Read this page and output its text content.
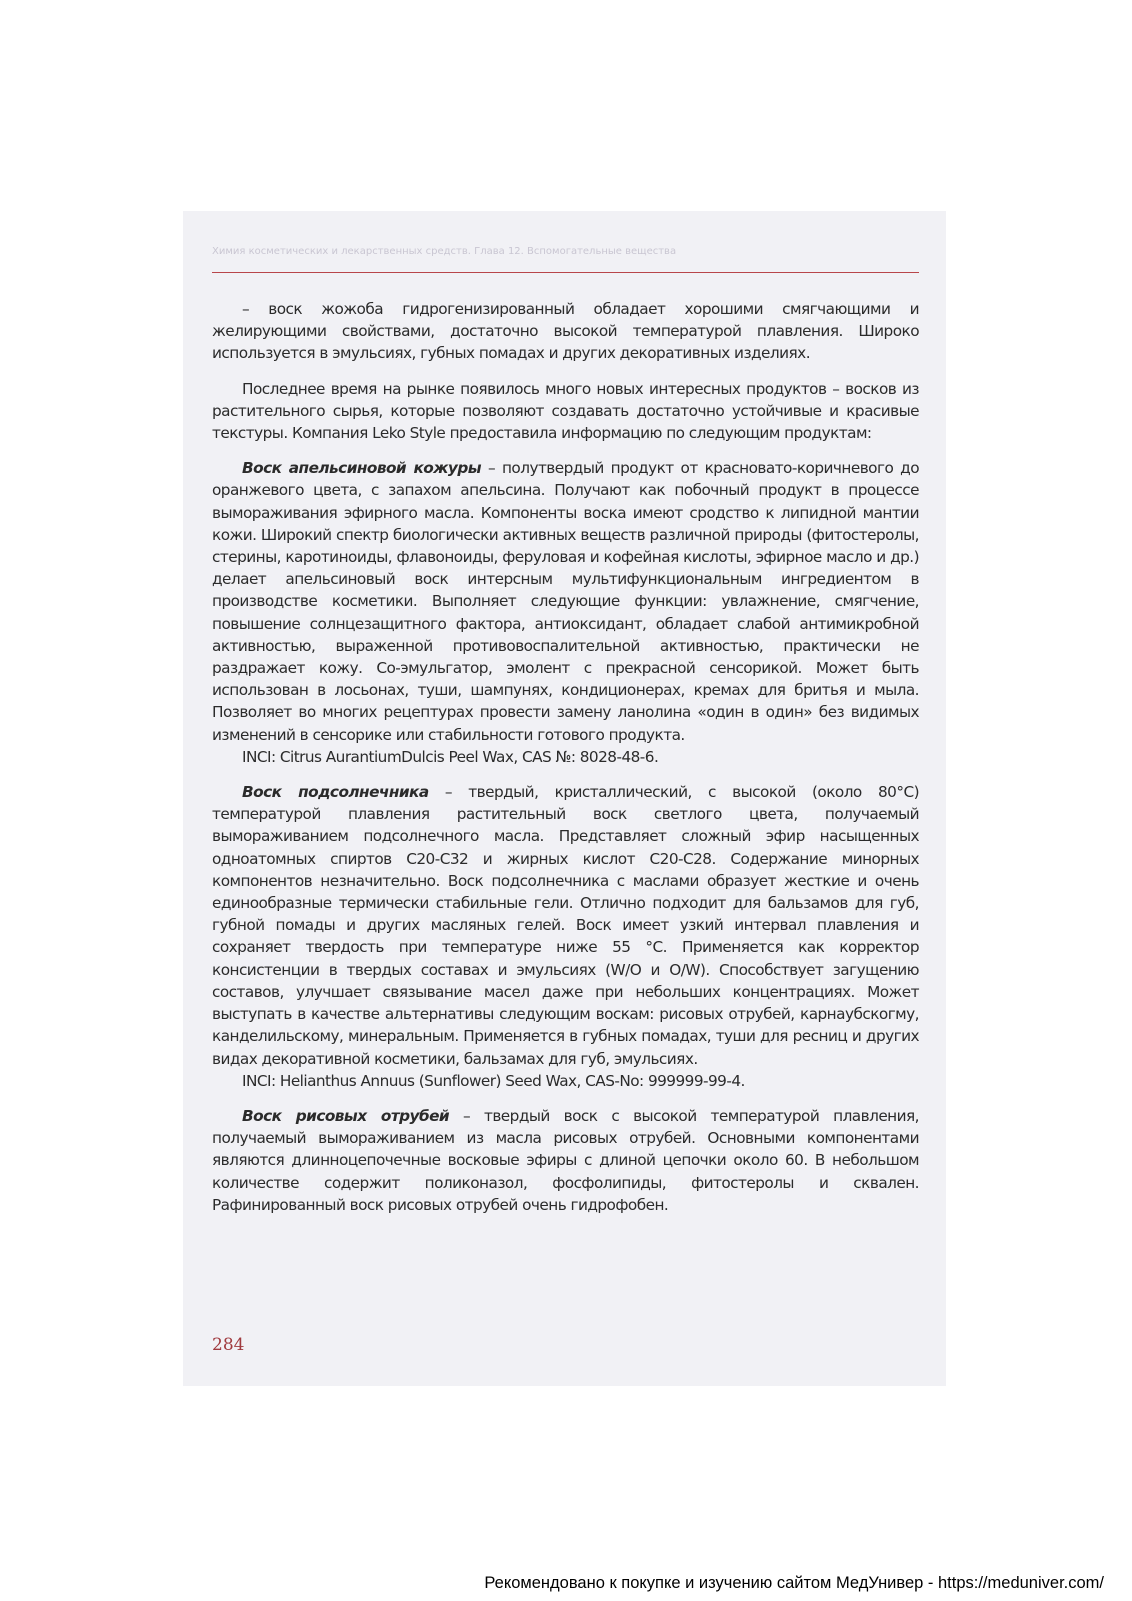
Химия косметических и лекарственных средств. Глава 12. Вспомогательные вещества

– воск жожоба гидрогенизированный обладает хорошими смягчающими и желирующими свойствами, достаточно высокой температурой плавления. Широко используется в эмульсиях, губных помадах и других декоративных изделиях.

Последнее время на рынке появилось много новых интересных продуктов – восков из растительного сырья, которые позволяют создавать достаточно устойчивые и красивые текстуры. Компания Leko Style предоставила информацию по следующим продуктам:

Воск апельсиновой кожуры – полутвердый продукт от красновато-коричневого до оранжевого цвета, с запахом апельсина. Получают как побочный продукт в процессе вымораживания эфирного масла. Компоненты воска имеют сродство к липидной мантии кожи. Широкий спектр биологически активных веществ различной природы (фитостеролы, стерины, каротиноиды, флавоноиды, феруловая и кофейная кислоты, эфирное масло и др.) делает апельсиновый воск интерсным мультифункциональным ингредиентом в производстве косметики. Выполняет следующие функции: увлажнение, смягчение, повышение солнцезащитного фактора, антиоксидант, обладает слабой антимикробной активностью, выраженной противовоспалительной активностью, практически не раздражает кожу. Со-эмульгатор, эмолент с прекрасной сенсорикой. Может быть использован в лосьонах, туши, шампунях, кондиционерах, кремах для бритья и мыла. Позволяет во многих рецептурах провести замену ланолина «один в один» без видимых изменений в сенсорике или стабильности готового продукта.

INCI: Citrus AurantiumDulcis Peel Wax, CAS №: 8028-48-6.

Воск подсолнечника – твердый, кристаллический, с высокой (около 80°С) температурой плавления растительный воск светлого цвета, получаемый вымораживанием подсолнечного масла. Представляет сложный эфир насыщенных одноатомных спиртов С20-С32 и жирных кислот С20-С28. Содержание минорных компонентов незначительно. Воск подсолнечника с маслами образует жесткие и очень единообразные термически стабильные гели. Отлично подходит для бальзамов для губ, губной помады и других масляных гелей. Воск имеет узкий интервал плавления и сохраняет твердость при температуре ниже 55 °С. Применяется как корректор консистенции в твердых составах и эмульсиях (W/O и O/W). Способствует загущению составов, улучшает связывание масел даже при небольших концентрациях. Может выступать в качестве альтернативы следующим воскам: рисовых отрубей, карнаубскогму, канделильскому, минеральным. Применяется в губных помадах, туши для ресниц и других видах декоративной косметики, бальзамах для губ, эмульсиях.

INCI: Helianthus Annuus (Sunflower) Seed Wax, CAS-No: 999999-99-4.

Воск рисовых отрубей – твердый воск с высокой температурой плавления, получаемый вымораживанием из масла рисовых отрубей. Основными компонентами являются длинноцепочечные восковые эфиры с длиной цепочки около 60. В небольшом количестве содержит поликоназол, фосфолипиды, фитостеролы и сквален. Рафинированный воск рисовых отрубей очень гидрофобен.

284
Рекомендовано к покупке и изучению сайтом МедУнивер - https://meduniver.com/
